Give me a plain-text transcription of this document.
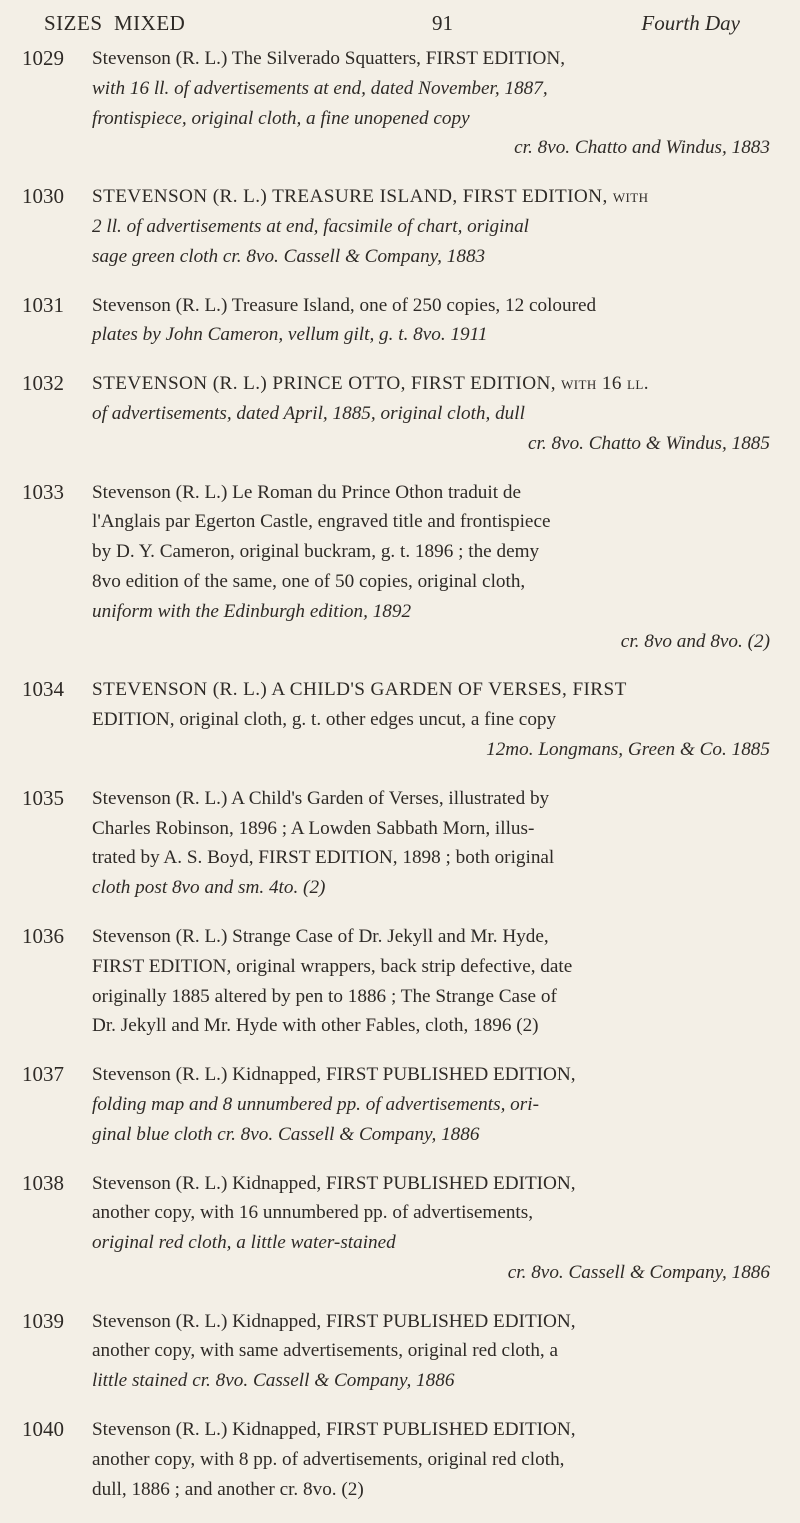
SIZES MIXED	91	Fourth Day
1029 Stevenson (R. L.) The Silverado Squatters, FIRST EDITION,
with 16 ll. of advertisements at end, dated November, 1887,
frontispiece, original cloth, a fine unopened copy
cr. 8vo. Chatto and Windus, 1883
1030 STEVENSON (R. L.) TREASURE ISLAND, FIRST EDITION, with
2 ll. of advertisements at end, facsimile of chart, original
sage green cloth cr. 8vo. Cassell & Company, 1883
1031 Stevenson (R. L.) Treasure Island, one of 250 copies, 12 coloured
plates by John Cameron, vellum gilt, g. t. 8vo. 1911
1032 STEVENSON (R. L.) PRINCE OTTO, FIRST EDITION, with 16 ll.
of advertisements, dated April, 1885, original cloth, dull
cr. 8vo. Chatto & Windus, 1885
1033 Stevenson (R. L.) Le Roman du Prince Othon traduit de
l'Anglais par Egerton Castle, engraved title and frontispiece
by D. Y. Cameron, original buckram, g. t. 1896 ; the demy
8vo edition of the same, one of 50 copies, original cloth,
uniform with the Edinburgh edition, 1892
cr. 8vo and 8vo. (2)
1034 STEVENSON (R. L.) A CHILD'S GARDEN OF VERSES, FIRST
EDITION, original cloth, g. t. other edges uncut, a fine copy
12mo. Longmans, Green & Co. 1885
1035 Stevenson (R. L.) A Child's Garden of Verses, illustrated by
Charles Robinson, 1896 ; A Lowden Sabbath Morn, illus-
trated by A. S. Boyd, FIRST EDITION, 1898 ; both original
cloth post 8vo and sm. 4to. (2)
1036 Stevenson (R. L.) Strange Case of Dr. Jekyll and Mr. Hyde,
FIRST EDITION, original wrappers, back strip defective, date
originally 1885 altered by pen to 1886 ; The Strange Case of
Dr. Jekyll and Mr. Hyde with other Fables, cloth, 1896 (2)
1037 Stevenson (R. L.) Kidnapped, FIRST PUBLISHED EDITION,
folding map and 8 unnumbered pp. of advertisements, ori-
ginal blue cloth cr. 8vo. Cassell & Company, 1886
1038 Stevenson (R. L.) Kidnapped, FIRST PUBLISHED EDITION,
another copy, with 16 unnumbered pp. of advertisements,
original red cloth, a little water-stained
cr. 8vo. Cassell & Company, 1886
1039 Stevenson (R. L.) Kidnapped, FIRST PUBLISHED EDITION,
another copy, with same advertisements, original red cloth, a
little stained cr. 8vo. Cassell & Company, 1886
1040 Stevenson (R. L.) Kidnapped, FIRST PUBLISHED EDITION,
another copy, with 8 pp. of advertisements, original red cloth,
dull, 1886 ; and another cr. 8vo. (2)
